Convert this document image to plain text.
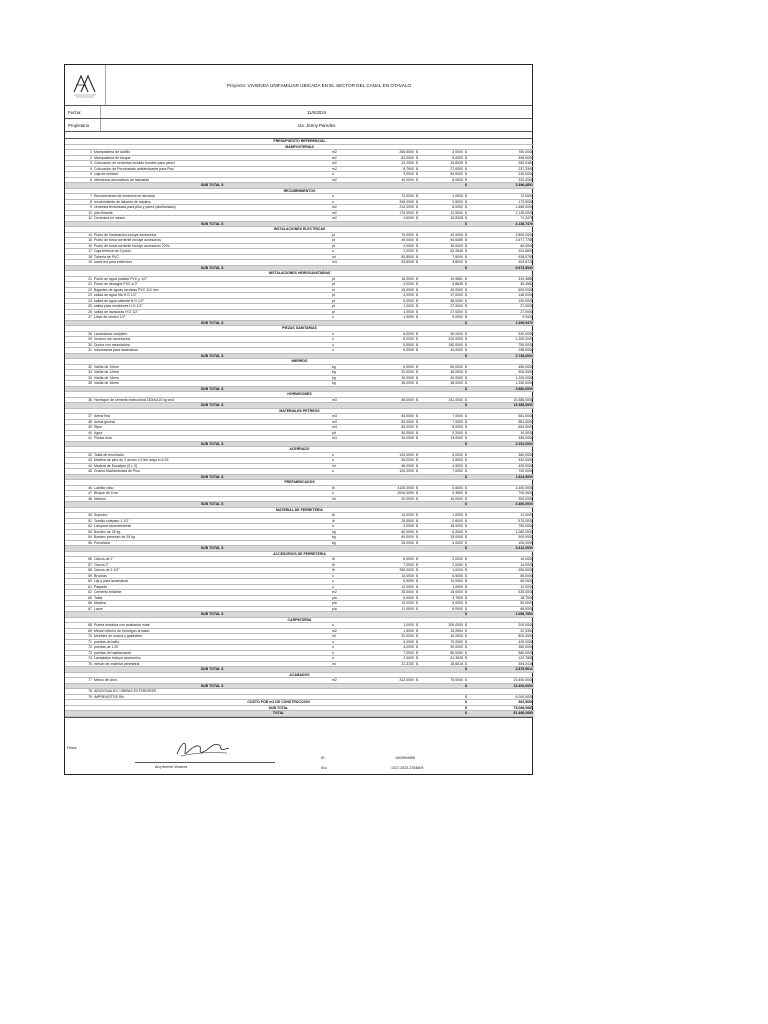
Proyecto: VIVIENDA UNIFAMILIAR UBICADA EN EL SECTOR DEL CANAL EN OTAVALO
Fecha:	11/6/2024
Propietario	sra. Jenny Paredes
PRESUPUESTO REFERENCIAL							
MAMPOSTERIAS							
1	Mamposteria de ladrillo	m2	250,0000	$	3,0000	$	750,0000
2	Mamposteria de bloque	m2	62,0000	$	8,0000	$	496,0000
3	Colocacion de ceramica incluido bondex para pared	m2	22,2900	$	15,8328	$	352,9182
4	Colocación de Porcelanato antideslizante para Piso	m2	8,7900	$	27,0000	$	237,3300
5	caja de revision	u	3,0000	$	80,0000	$	240,0000
6	elementos decorativos de fachadas	m2	40,0000	$	8,0000	$	320,0000
	SUB TOTAL $					$	2.396,4891
RECUBRIMIENTOS							
7	Recubrimiento de ceramica en fachada	u	72,0000	$	1,0000	$	72,0000
8	recubrimiento de listones de madera	u	345,0000	$	0,5000	$	172,5000
9	ceramica texturizada para piso y pared (abrillantado)	m2	212,0000	$	8,0000	$	1.696,0000
11	piso flotante	m2	170,0000	$	12,5000	$	2.125,0000
12	Ceramica en meson	m2	4,5000	$	15,8328	$	71,2476
	SUB TOTAL $					$	4.136,7476
INSTALACIONES ELECTRICAS							
14	Punto de Iluminación incluye accesorios	pt	70,0000	$	40,0000	$	2.800,0000
15	Punto de toma corriente incluye accesorios	pt	49,0000	$	54,6485	$	2.677,7785
16	Punto de toma corriente incluye accesorios 220v	pt	2,0000	$	30,0000	$	60,0000
17	Caja térmica de 2 polos	u	2,0000	$	52,2845	$	104,5691
18	Tubería de PVC	ml	83,8000	$	7,5000	$	628,5750
19	luces led para exteriores	m3	83,8000	$	4,8000	$	402,6720
	SUB TOTAL $					$	6.673,5945
INSTALACIONES HIDROSANITARIAS							
21	Punto de agua potable PVC p 1/2"	pt	16,0000	$	19,9681	$	319,4889
21	Punto de desagüe PVC ø 3"	pt	4,0000	$	9,8645	$	39,4582
22	Bajantes de aguas servidas PVC 110 mm	m	15,0000	$	40,0000	$	600,0000
23	salida de agua fria H.G 1/2"	pt	4,0000	$	37,0000	$	148,0000
24	salida de agua caliente H.G 1/2"	pt	5,0000	$	38,0000	$	190,0000
25	salida para medidores H.G 1/2"	pt	1,0000	$	27,0000	$	27,0000
26	salida de lavadoras H.G 1/2"	pt	1,0000	$	27,0000	$	27,0000
27	Llave de control 1/2"	u	1,0000	$	9,0000	$	9,0000
	SUB TOTAL $					$	1.359,9470
PIEZAS SANITARIAS							
28	Lavamanos completo	u	6,0000	$	90,0000	$	540,0000
29	Inodoro con accesorios	u	6,0000	$	200,0000	$	1.200,0000
30	Ducha con mezcladora	u	5,0000	$	150,0000	$	750,0000
31	mezcladora para lavamanos	u	6,0000	$	43,0000	$	258,0000
	SUB TOTAL $					$	2.748,0000
HIERROS							
32	Varilla de 10mm	kg	9,0000	$	50,0000	$	450,0000
33	Varilla de 12mm	kg	20,0000	$	45,0000	$	900,0000
34	Varilla de 14mm	kg	30,0000	$	40,0000	$	1.200,0000
35	Varilla de 16mm	kg	35,0000	$	38,0000	$	1.330,0000
	SUB TOTAL $					$	3.880,0000
HORMIGONES							
36	Hormigon de cemento estructural 1500x210 kg cm2	m3	85,0000	$	181,0000	$	15.385,0000
	SUB TOTAL $					$	15.385,0000
MATERIALES PETREOS							
37	Arena fina	m3	83,0000	$	7,0000	$	581,0000
38	Arena gruesa	m3	83,0000	$	7,0000	$	581,0000
39	Ripio	m3	83,0000	$	8,0000	$	664,0000
40	Agua	plt	50,0000	$	0,2000	$	10,0000
41	Piedra bola	m3	35,0000	$	13,0000	$	455,0000
	SUB TOTAL $					$	2.291,0000
ACERRADO							
42	Tabla de encofrado	u	120,0000	$	3,0000	$	360,0000
43	Madera de pino de 2 ancho x 2,5m largo e=0.02	u	95,0000	$	3,5000	$	332,5000
44	Madera de Eucalipto (3 x 3)	ml	96,0000	$	4,5000	$	432,0000
45	Chacla Machimbrada de Pino	u	100,0000	$	7,0000	$	700,0000
	SUB TOTAL $					$	1.824,5000
PREFABRICADOS							
46	Ladrillo visto	lb	4100,0000	$	0,6000	$	2.460,0000
47	Bloque de 9 cm	u	2000,0000	$	0,3500	$	700,0000
48	Marmol	ml	20,0000	$	15,0000	$	300,0000
	SUB TOTAL $					$	3.460,0000
MATERIAL DE FERRETERIA							
49	Sujeción	lb	12,0000	$	1,0000	$	12,0000
51	Tornillo colepato 1 1/2 "	lb	25,0000	$	0,6000	$	570,0000
52	Lámpara incandescente	u	2,0000	$	15,0000	$	750,0000
53	Bondex de 25 kg	kg	60,0000	$	6,2000	$	1.080,0000
54	Bondex premium de 25 kg	kg	60,0000	$	15,0000	$	900,0000
55	Porcelana	kg	25,0000	$	4,0000	$	100,0000
	SUB TOTAL $					$	3.412,0000
ACCESORIOS DE FERRETERIA							
56	Clavos de 1"	lb	6,0000	$	2,0000	$	16,0000
57	Clavos 2"	lb	7,0000	$	2,0000	$	14,0000
58	Clavos de 2 1/2"	lb	250,0000	$	1,0000	$	250,0000
59	Brochas	u	10,0000	$	6,5000	$	65,0000
60	Lija y para lavamanos	u	6,0000	$	10,0000	$	60,0000
61	Paquete	u	12,0000	$	1,0000	$	12,0000
62	Cemento brillante	m2	35,0000	$	15,0000	$	525,0000
65	Tabla	pla	5,0000	$	3,7500	$	18,7500
66	Madera	pla	10,0000	$	5,0000	$	50,0000
67	Lacre	pla	11,0000	$	6,0000	$	66,0000
	SUB TOTAL $					$	1.056,7500
CARPINTERIA							
68	Puerta metalica con acabados mate	u	1,0000	$	200,0000	$	200,0000
69	Mesón interior de hormigon armado	m2	1,5000	$	15,2894	$	22,9341
70	Muebles de cocina y gabinetes	ml	20,0000	$	40,0000	$	800,0000
71	puertas de baño	u	6,0000	$	70,0000	$	420,0000
72	puertas de 1.20	u	4,0000	$	90,0000	$	360,0000
73	puertas de habitaciones	u	7,0000	$	80,0000	$	560,0000
74	Lavaplatos incluye accesorios	u	2,0000	$	61,3928	$	122,7855
75	mesón de material perimetral	ml	21,3100	$	18,6815	$	394,2416
	SUB TOTAL $					$	2.879,9612
ACABADOS							
77	Marco de obra	m2	312,0000	$	75,0000	$	23.400,0000
	SUB TOTAL $					$	23.400,0000
78	ADICIONALES / OBRAS EXTERIORES						
79	IMPREVISTOS 5%					$	6.000,0000
	COSTO POR m2 DE CONSTRUCCION					$	362,5000
	SUB TOTAL					$	75.068,0685
	TOTAL					$	81.466,0685
Firma:
Arq.Hermel Vizarres
ID	1003094956
Sro	1027-2023-2764809
